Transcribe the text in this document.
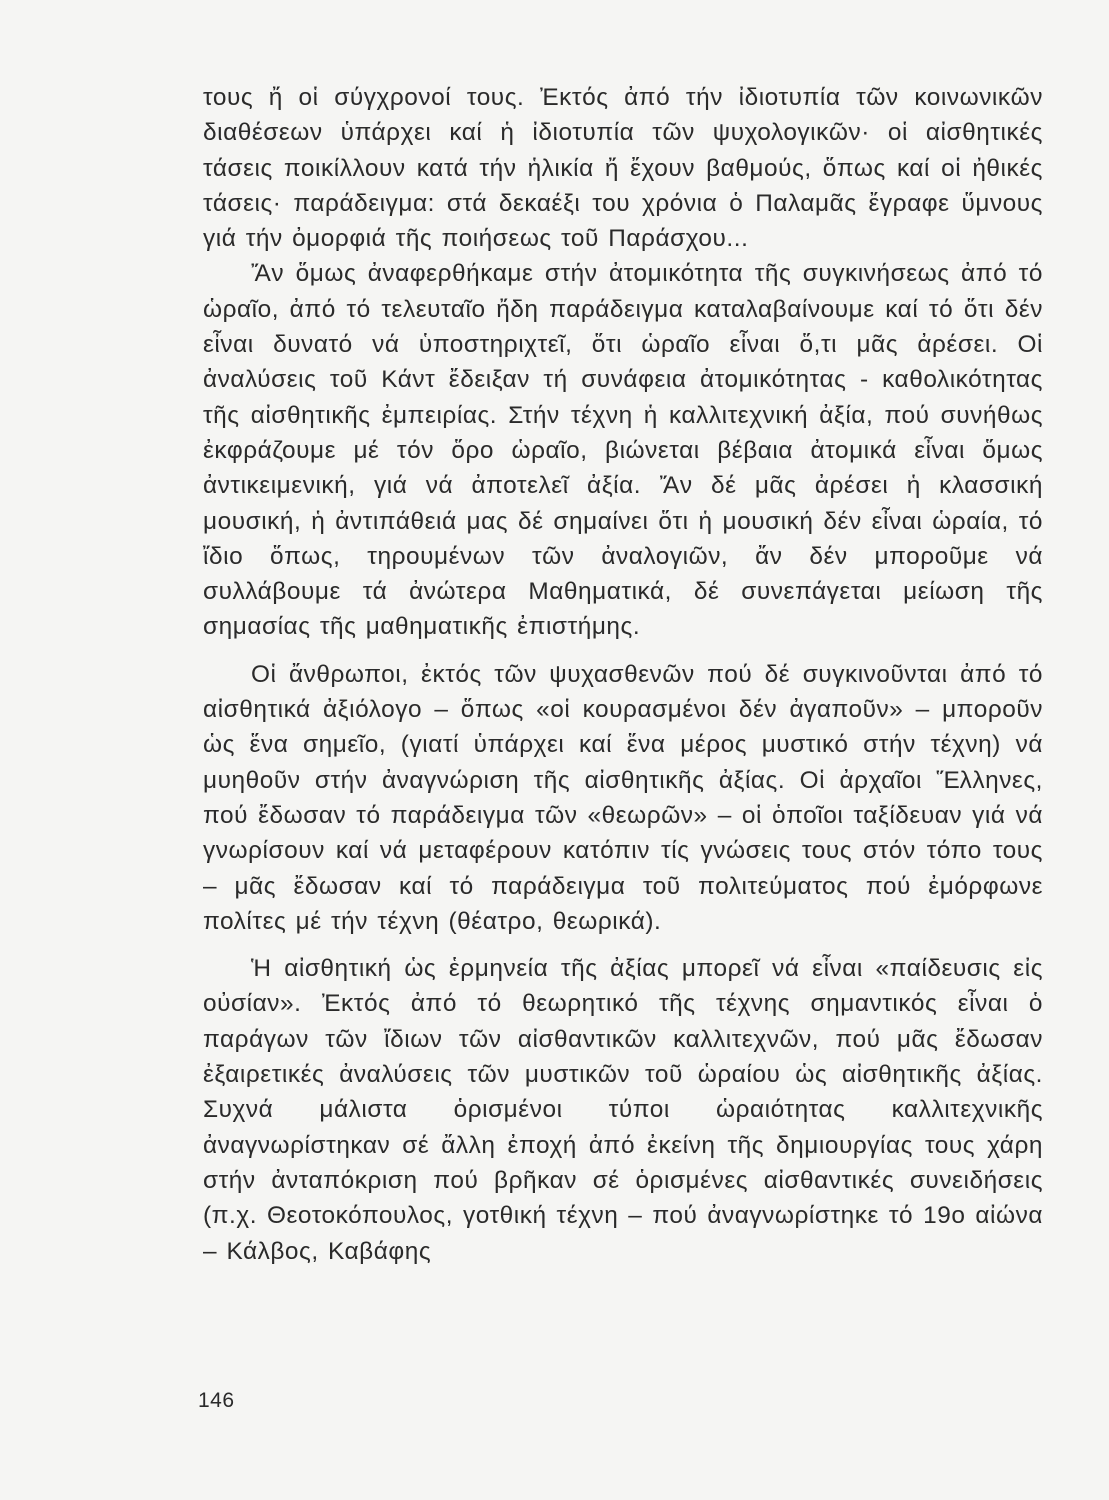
τους ἤ οἱ σύγχρονοί τους. Ἐκτός ἀπό τήν ἰδιοτυπία τῶν κοινωνικῶν διαθέσεων ὑπάρχει καί ἡ ἰδιοτυπία τῶν ψυχολογικῶν· οἱ αἰσθητικές τάσεις ποικίλλουν κατά τήν ἡλικία ἤ ἔχουν βαθμούς, ὅπως καί οἱ ἠθικές τάσεις· παράδειγμα: στά δεκαέξι του χρόνια ὁ Παλαμᾶς ἔγραφε ὕμνους γιά τήν ὀμορφιά τῆς ποιήσεως τοῦ Παράσχου...

Ἄν ὅμως ἀναφερθήκαμε στήν ἀτομικότητα τῆς συγκινήσεως ἀπό τό ὡραῖο, ἀπό τό τελευταῖο ἤδη παράδειγμα καταλαβαίνουμε καί τό ὅτι δέν εἶναι δυνατό νά ὑποστηριχτεῖ, ὅτι ὡραῖο εἶναι ὅ,τι μᾶς ἀρέσει. Οἱ ἀναλύσεις τοῦ Κάντ ἔδειξαν τή συνάφεια ἀτομικότητας - καθολικότητας τῆς αἰσθητικῆς ἐμπειρίας. Στήν τέχνη ἡ καλλιτεχνική ἀξία, πού συνήθως ἐκφράζουμε μέ τόν ὅρο ὡραῖο, βιώνεται βέβαια ἀτομικά εἶναι ὅμως ἀντικειμενική, γιά νά ἀποτελεῖ ἀξία. Ἄν δέ μᾶς ἀρέσει ἡ κλασσική μουσική, ἡ ἀντιπάθειά μας δέ σημαίνει ὅτι ἡ μουσική δέν εἶναι ὡραία, τό ἴδιο ὅπως, τηρουμένων τῶν ἀναλογιῶν, ἄν δέν μποροῦμε νά συλλάβουμε τά ἀνώτερα Μαθηματικά, δέ συνεπάγεται μείωση τῆς σημασίας τῆς μαθηματικῆς ἐπιστήμης.

Οἱ ἄνθρωποι, ἐκτός τῶν ψυχασθενῶν πού δέ συγκινοῦνται ἀπό τό αἰσθητικά ἀξιόλογο – ὅπως «οἱ κουρασμένοι δέν ἀγαποῦν» – μποροῦν ὡς ἕνα σημεῖο, (γιατί ὑπάρχει καί ἕνα μέρος μυστικό στήν τέχνη) νά μυηθοῦν στήν ἀναγνώριση τῆς αἰσθητικῆς ἀξίας. Οἱ ἀρχαῖοι Ἕλληνες, πού ἔδωσαν τό παράδειγμα τῶν «θεωρῶν» – οἱ ὁποῖοι ταξίδευαν γιά νά γνωρίσουν καί νά μεταφέρουν κατόπιν τίς γνώσεις τους στόν τόπο τους – μᾶς ἔδωσαν καί τό παράδειγμα τοῦ πολιτεύματος πού ἐμόρφωνε πολίτες μέ τήν τέχνη (θέατρο, θεωρικά).

Ἡ αἰσθητική ὡς ἑρμηνεία τῆς ἀξίας μπορεῖ νά εἶναι «παίδευσις εἰς οὐσίαν». Ἐκτός ἀπό τό θεωρητικό τῆς τέχνης σημαντικός εἶναι ὁ παράγων τῶν ἴδιων τῶν αἰσθαντικῶν καλλιτεχνῶν, πού μᾶς ἔδωσαν ἐξαιρετικές ἀναλύσεις τῶν μυστικῶν τοῦ ὡραίου ὡς αἰσθητικῆς ἀξίας. Συχνά μάλιστα ὁρισμένοι τύποι ὡραιότητας καλλιτεχνικῆς ἀναγνωρίστηκαν σέ ἄλλη ἐποχή ἀπό ἐκείνη τῆς δημιουργίας τους χάρη στήν ἀνταπόκριση πού βρῆκαν σέ ὁρισμένες αἰσθαντικές συνειδήσεις (π.χ. Θεοτοκόπουλος, γοτθική τέχνη – πού ἀναγνωρίστηκε τό 19ο αἰώνα – Κάλβος, Καβάφης

146
